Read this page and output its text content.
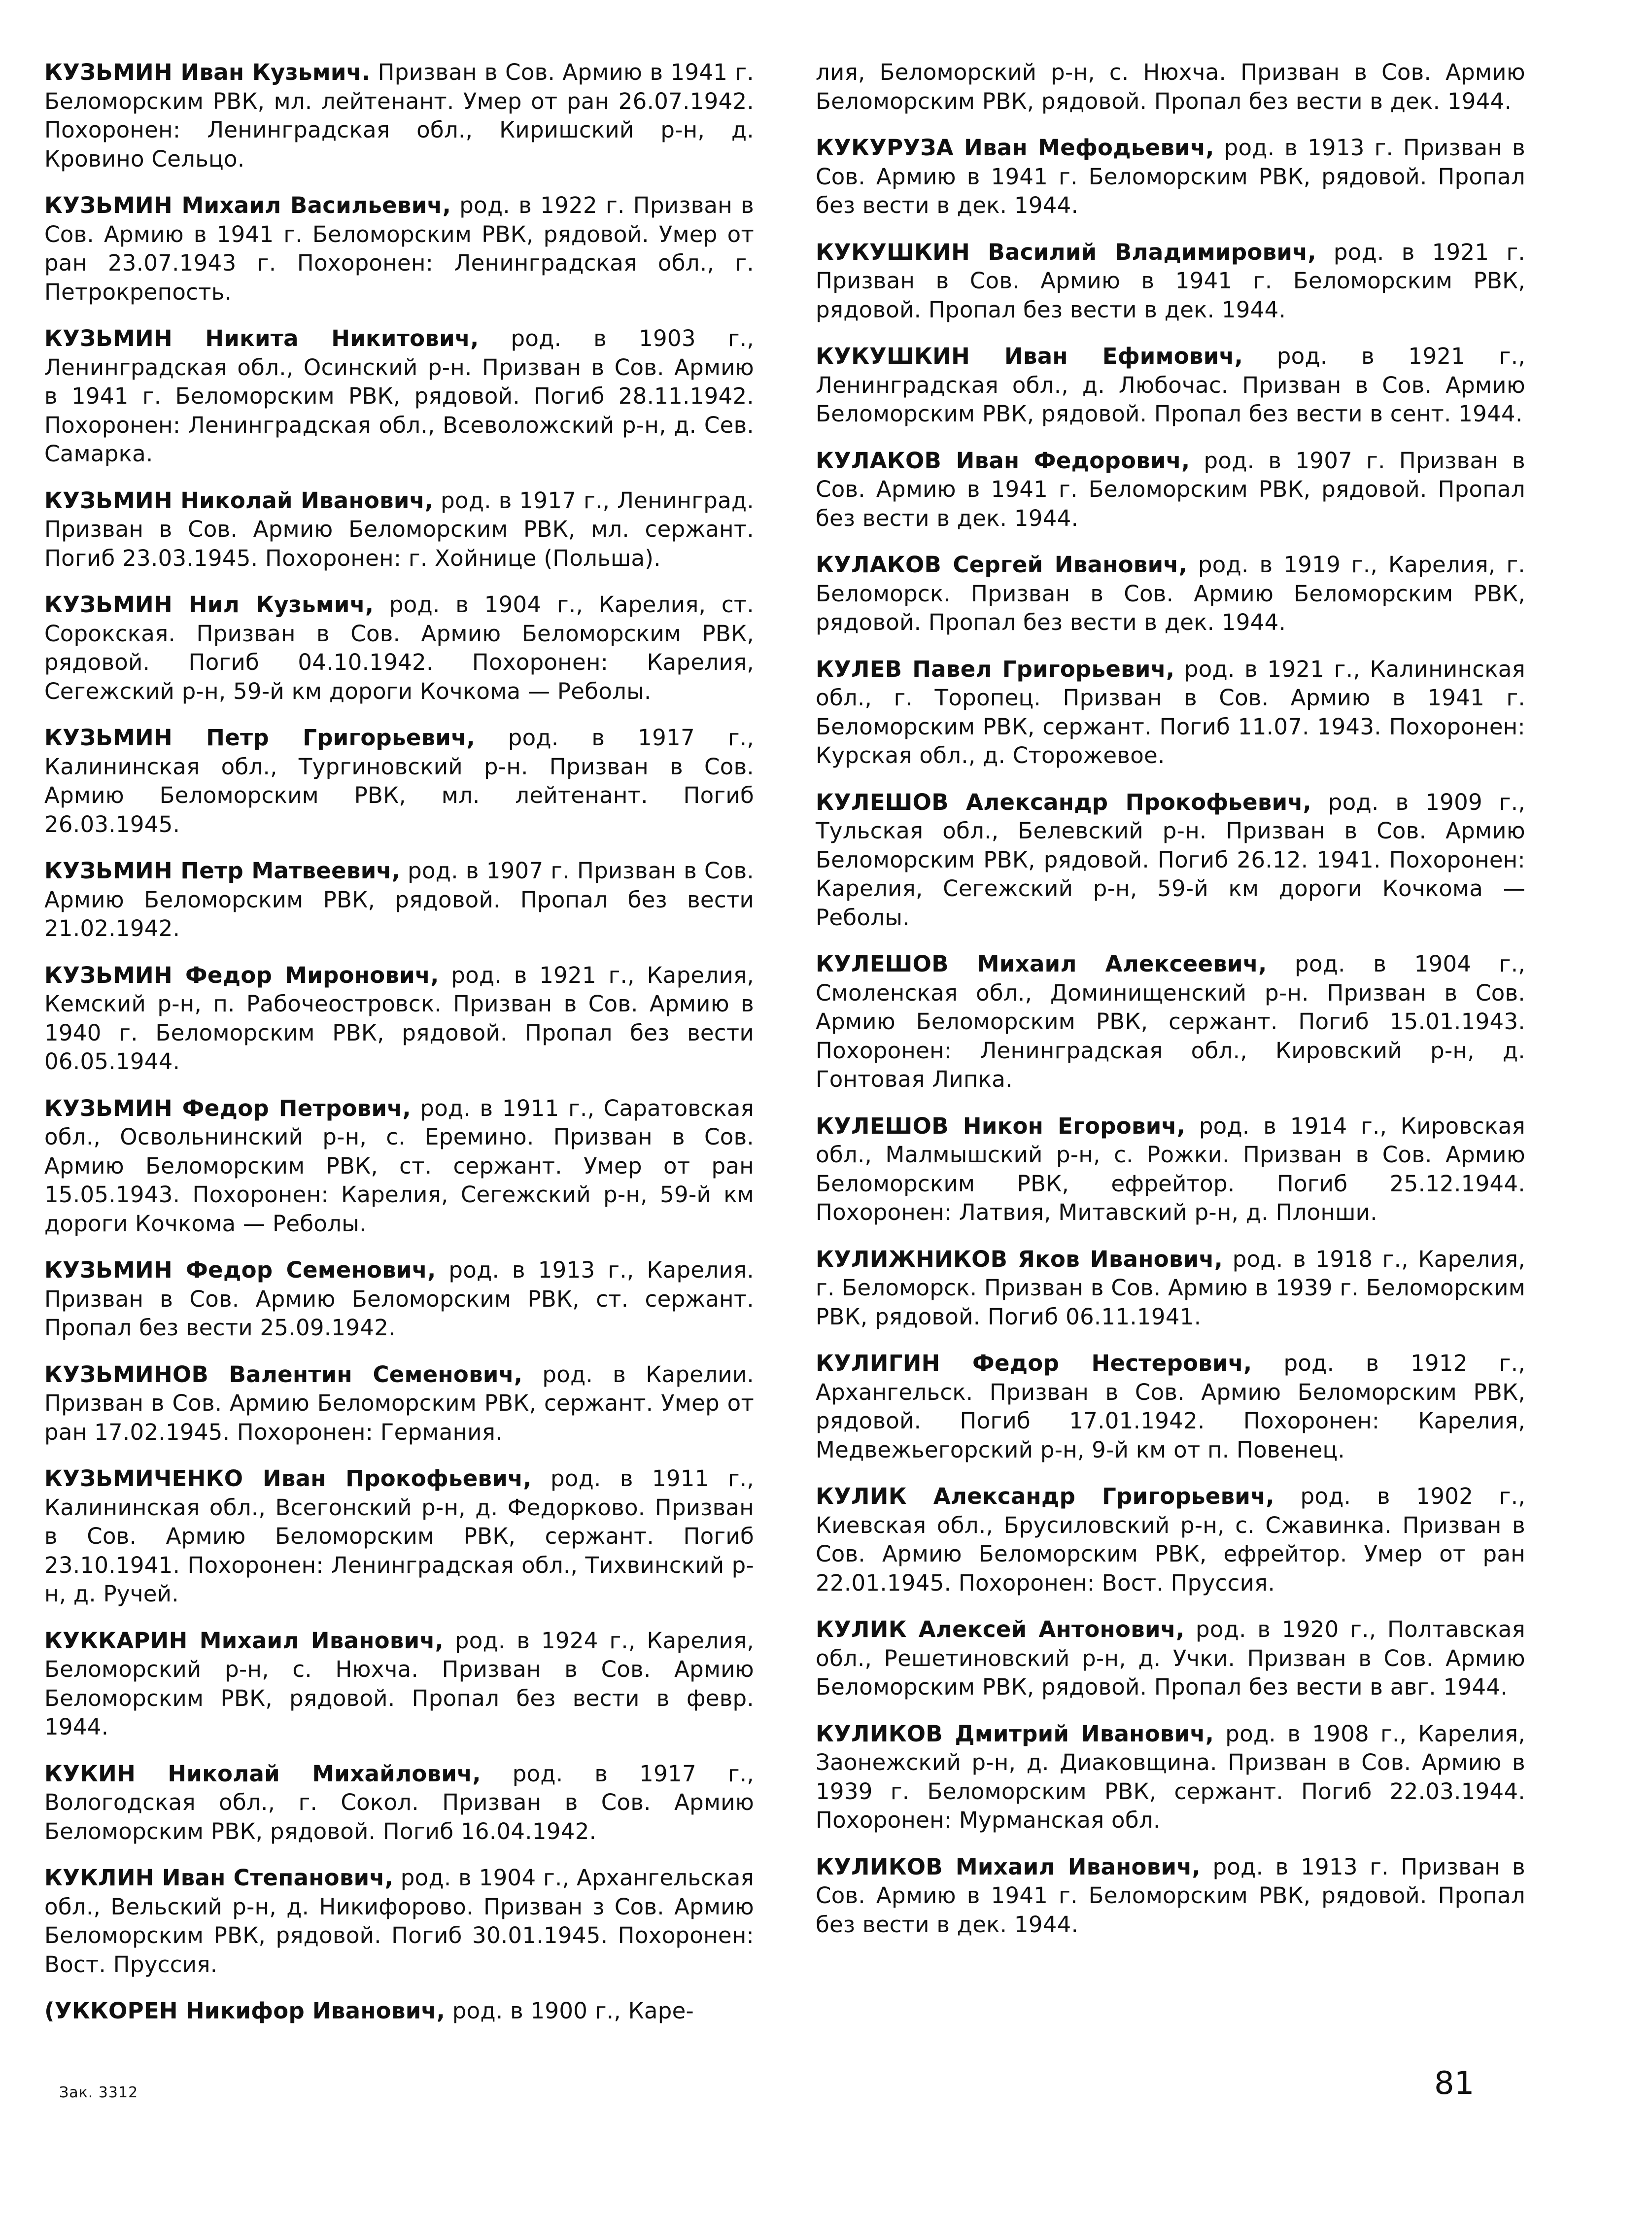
КУЗЬМИН Иван Кузьмич. Призван в Сов. Армию в 1941 г. Беломорским РВК, мл. лейтенант. Умер от ран 26.07.1942. Похоронен: Ленинградская обл., Киришский р-н, д. Кровино Сельцо.

КУЗЬМИН Михаил Васильевич, род. в 1922 г. Призван в Сов. Армию в 1941 г. Беломорским РВК, рядовой. Умер от ран 23.07.1943 г. Похоронен: Ленинградская обл., г. Петрокрепость.

КУЗЬМИН Никита Никитович, род. в 1903 г., Ленинградская обл., Осинский р-н. Призван в Сов. Армию в 1941 г. Беломорским РВК, рядовой. Погиб 28.11.1942. Похоронен: Ленинградская обл., Всеволожский р-н, д. Сев. Самарка.

КУЗЬМИН Николай Иванович, род. в 1917 г., Ленинград. Призван в Сов. Армию Беломорским РВК, мл. сержант. Погиб 23.03.1945. Похоронен: г. Хойнице (Польша).

КУЗЬМИН Нил Кузьмич, род. в 1904 г., Карелия, ст. Сорокская. Призван в Сов. Армию Беломорским РВК, рядовой. Погиб 04.10.1942. Похоронен: Карелия, Сегежский р-н, 59-й км дороги Кочкома — Реболы.

КУЗЬМИН Петр Григорьевич, род. в 1917 г., Калининская обл., Тургиновский р-н. Призван в Сов. Армию Беломорским РВК, мл. лейтенант. Погиб 26.03.1945.

КУЗЬМИН Петр Матвеевич, род. в 1907 г. Призван в Сов. Армию Беломорским РВК, рядовой. Пропал без вести 21.02.1942.

КУЗЬМИН Федор Миронович, род. в 1921 г., Карелия, Кемский р-н, п. Рабочеостровск. Призван в Сов. Армию в 1940 г. Беломорским РВК, рядовой. Пропал без вести 06.05.1944.

КУЗЬМИН Федор Петрович, род. в 1911 г., Саратовская обл., Освольнинский р-н, с. Еремино. Призван в Сов. Армию Беломорским РВК, ст. сержант. Умер от ран 15.05.1943. Похоронен: Карелия, Сегежский р-н, 59-й км дороги Кочкома — Реболы.

КУЗЬМИН Федор Семенович, род. в 1913 г., Карелия. Призван в Сов. Армию Беломорским РВК, ст. сержант. Пропал без вести 25.09.1942.

КУЗЬМИНОВ Валентин Семенович, род. в Карелии. Призван в Сов. Армию Беломорским РВК, сержант. Умер от ран 17.02.1945. Похоронен: Германия.

КУЗЬМИЧЕНКО Иван Прокофьевич, род. в 1911 г., Калининская обл., Всегонский р-н, д. Федорково. Призван в Сов. Армию Беломорским РВК, сержант. Погиб 23.10.1941. Похоронен: Ленинградская обл., Тихвинский р-н, д. Ручей.

КУККАРИН Михаил Иванович, род. в 1924 г., Карелия, Беломорский р-н, с. Нюхча. Призван в Сов. Армию Беломорским РВК, рядовой. Пропал без вести в февр. 1944.

КУКИН Николай Михайлович, род. в 1917 г., Вологодская обл., г. Сокол. Призван в Сов. Армию Беломорским РВК, рядовой. Погиб 16.04.1942.

КУКЛИН Иван Степанович, род. в 1904 г., Архангельская обл., Вельский р-н, д. Никифорово. Призван з Сов. Армию Беломорским РВК, рядовой. Погиб 30.01.1945. Похоронен: Вост. Пруссия.

(УККОРЕН Никифор Иванович, род. в 1900 г., Каре-

лия, Беломорский р-н, с. Нюхча. Призван в Сов. Армию Беломорским РВК, рядовой. Пропал без вести в дек. 1944.

КУКУРУЗА Иван Мефодьевич, род. в 1913 г. Призван в Сов. Армию в 1941 г. Беломорским РВК, рядовой. Пропал без вести в дек. 1944.

КУКУШКИН Василий Владимирович, род. в 1921 г. Призван в Сов. Армию в 1941 г. Беломорским РВК, рядовой. Пропал без вести в дек. 1944.

КУКУШКИН Иван Ефимович, род. в 1921 г., Ленинградская обл., д. Любочас. Призван в Сов. Армию Беломорским РВК, рядовой. Пропал без вести в сент. 1944.

КУЛАКОВ Иван Федорович, род. в 1907 г. Призван в Сов. Армию в 1941 г. Беломорским РВК, рядовой. Пропал без вести в дек. 1944.

КУЛАКОВ Сергей Иванович, род. в 1919 г., Карелия, г. Беломорск. Призван в Сов. Армию Беломорским РВК, рядовой. Пропал без вести в дек. 1944.

КУЛЕВ Павел Григорьевич, род. в 1921 г., Калининская обл., г. Торопец. Призван в Сов. Армию в 1941 г. Беломорским РВК, сержант. Погиб 11.07. 1943. Похоронен: Курская обл., д. Сторожевое.

КУЛЕШОВ Александр Прокофьевич, род. в 1909 г., Тульская обл., Белевский р-н. Призван в Сов. Армию Беломорским РВК, рядовой. Погиб 26.12. 1941. Похоронен: Карелия, Сегежский р-н, 59-й км дороги Кочкома — Реболы.

КУЛЕШОВ Михаил Алексеевич, род. в 1904 г., Смоленская обл., Доминищенский р-н. Призван в Сов. Армию Беломорским РВК, сержант. Погиб 15.01.1943. Похоронен: Ленинградская обл., Кировский р-н, д. Гонтовая Липка.

КУЛЕШОВ Никон Егорович, род. в 1914 г., Кировская обл., Малмышский р-н, с. Рожки. Призван в Сов. Армию Беломорским РВК, ефрейтор. Погиб 25.12.1944. Похоронен: Латвия, Митавский р-н, д. Плонши.

КУЛИЖНИКОВ Яков Иванович, род. в 1918 г., Карелия, г. Беломорск. Призван в Сов. Армию в 1939 г. Беломорским РВК, рядовой. Погиб 06.11.1941.

КУЛИГИН Федор Нестерович, род. в 1912 г., Архангельск. Призван в Сов. Армию Беломорским РВК, рядовой. Погиб 17.01.1942. Похоронен: Карелия, Медвежьегорский р-н, 9-й км от п. Повенец.

КУЛИК Александр Григорьевич, род. в 1902 г., Киевская обл., Брусиловский р-н, с. Сжавинка. Призван в Сов. Армию Беломорским РВК, ефрейтор. Умер от ран 22.01.1945. Похоронен: Вост. Пруссия.

КУЛИК Алексей Антонович, род. в 1920 г., Полтавская обл., Решетиновский р-н, д. Учки. Призван в Сов. Армию Беломорским РВК, рядовой. Пропал без вести в авг. 1944.

КУЛИКОВ Дмитрий Иванович, род. в 1908 г., Карелия, Заонежский р-н, д. Диаковщина. Призван в Сов. Армию в 1939 г. Беломорским РВК, сержант. Погиб 22.03.1944. Похоронен: Мурманская обл.

КУЛИКОВ Михаил Иванович, род. в 1913 г. Призван в Сов. Армию в 1941 г. Беломорским РВК, рядовой. Пропал без вести в дек. 1944.

Зак. 3312	81
